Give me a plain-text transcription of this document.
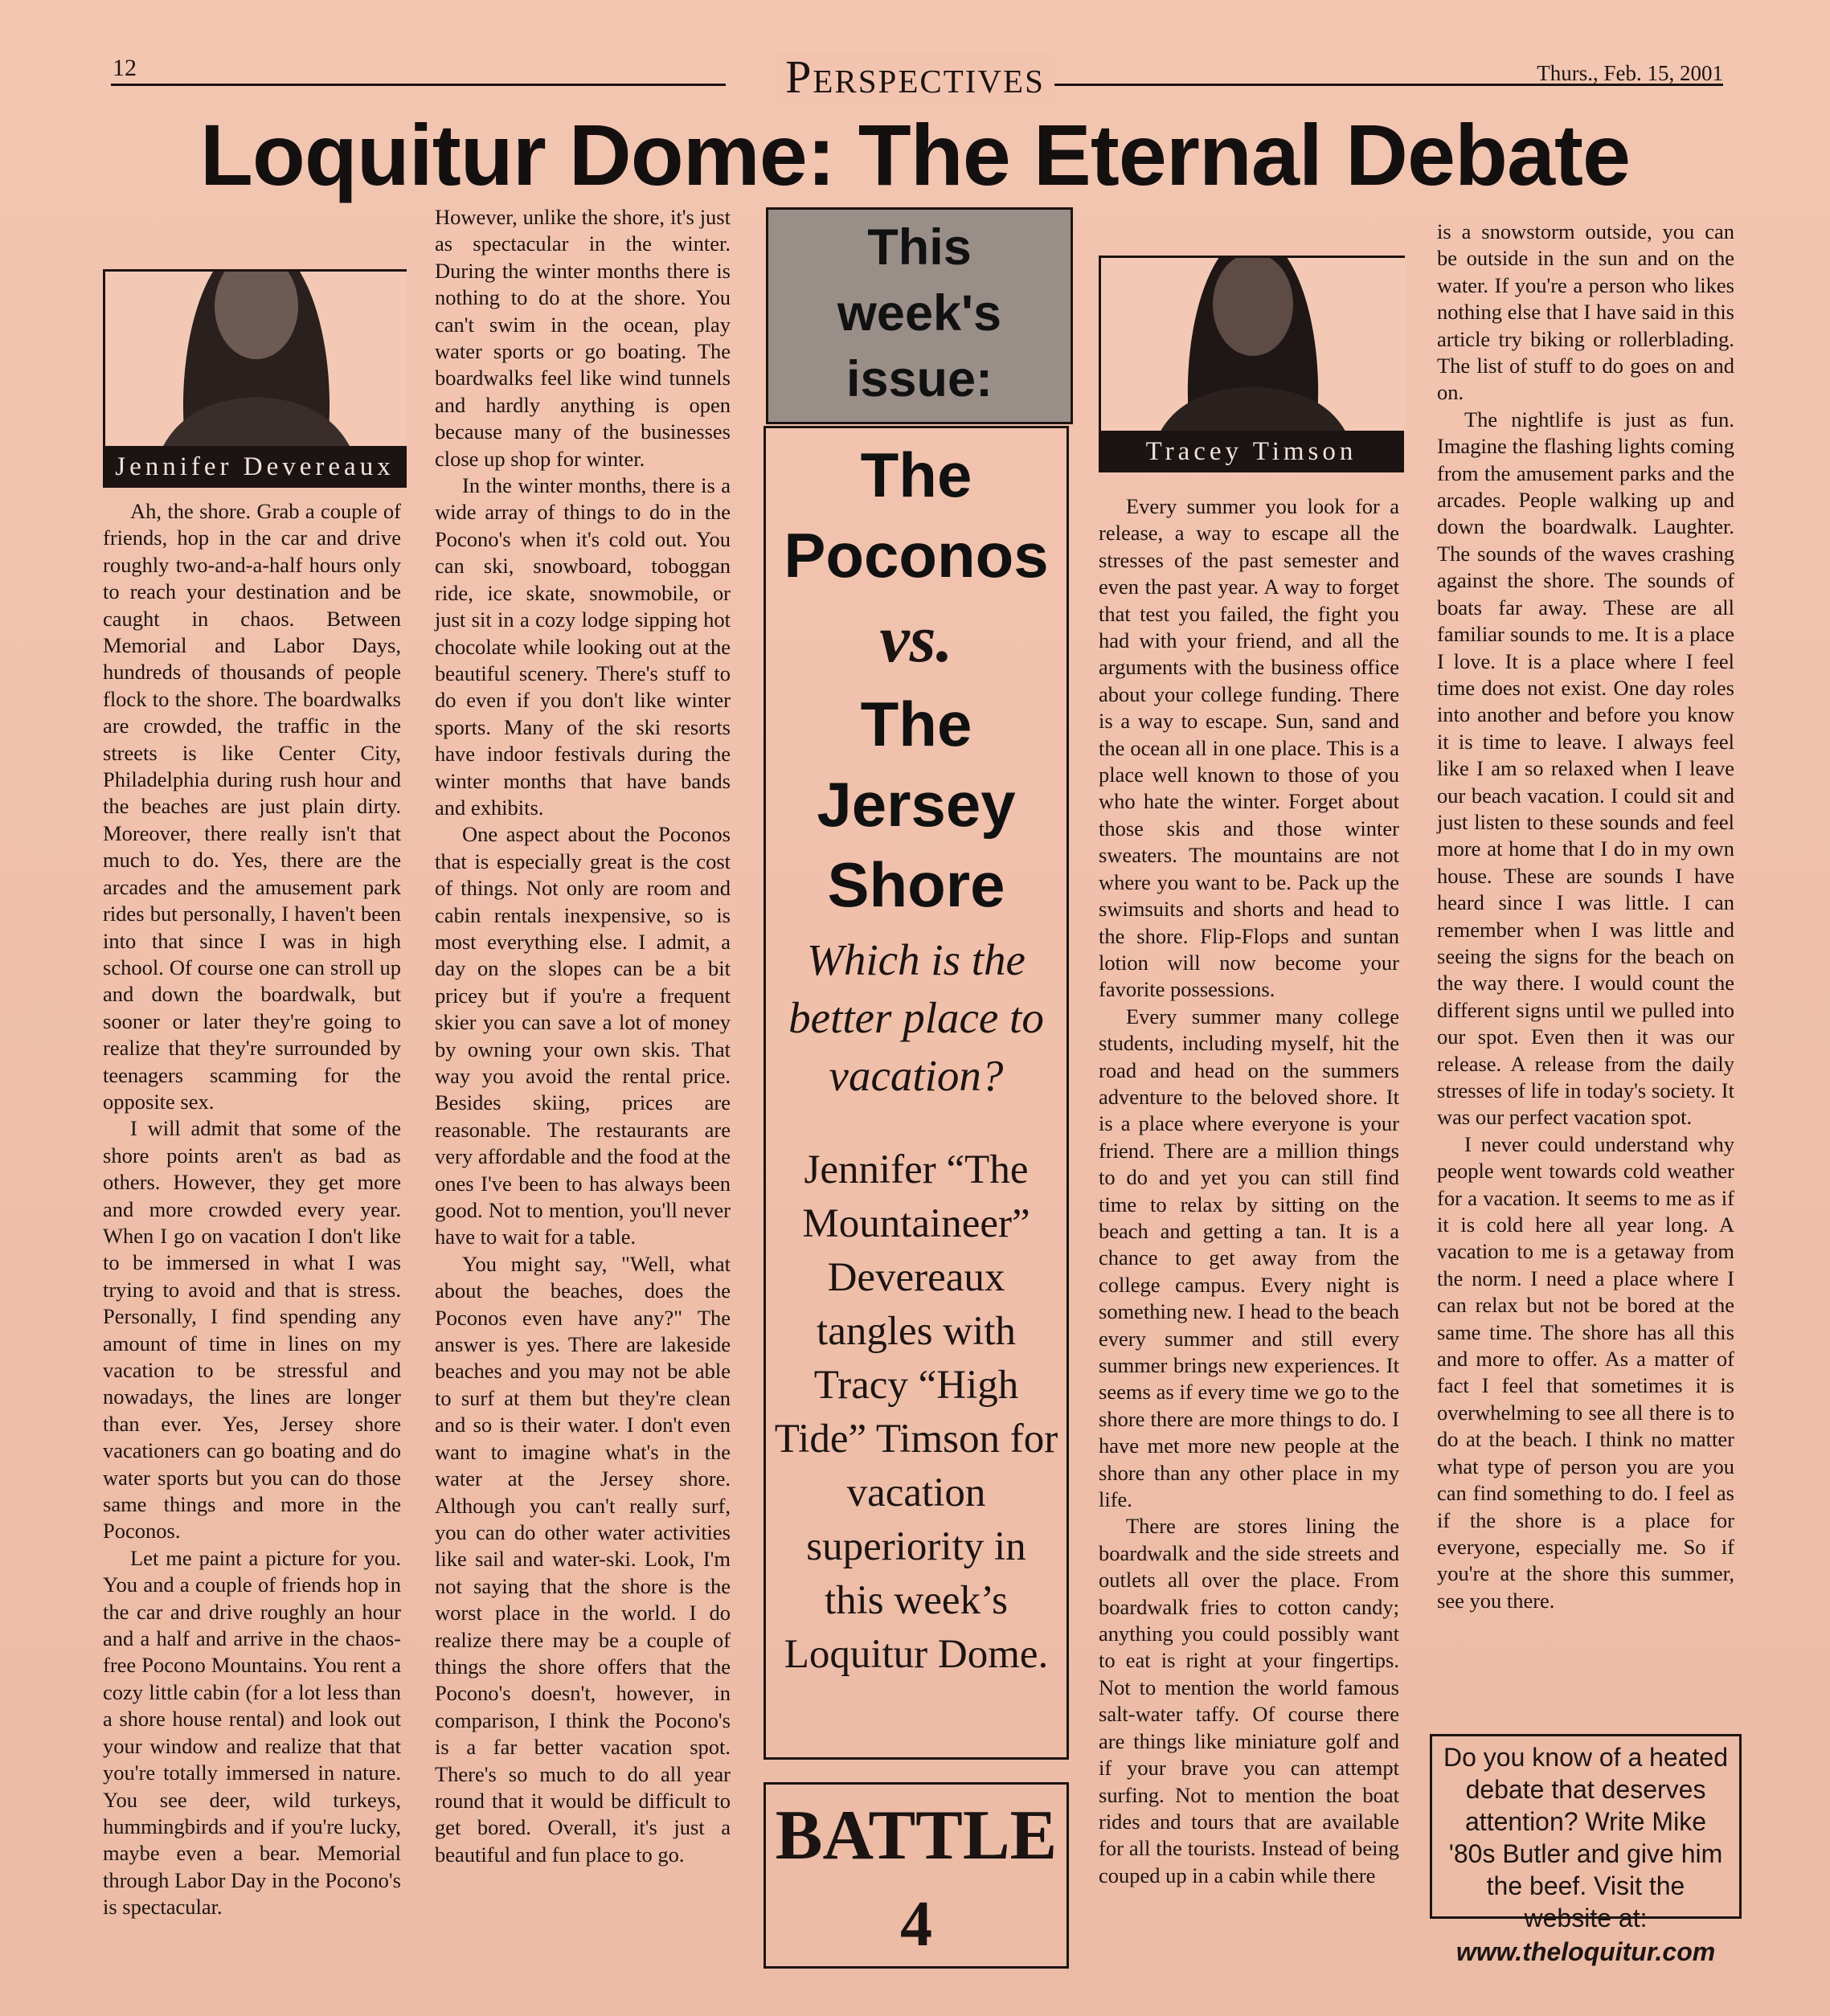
12	Perspectives	Thurs., Feb. 15, 2001
Loquitur Dome: The Eternal Debate
Jennifer Devereaux

Ah, the shore. Grab a couple of friends, hop in the car and drive roughly two-and-a-half hours only to reach your destination and be caught in chaos. Between Memorial and Labor Days, hundreds of thousands of people flock to the shore. The boardwalks are crowded, the traffic in the streets is like Center City, Philadelphia during rush hour and the beaches are just plain dirty. Moreover, there really isn't that much to do. Yes, there are the arcades and the amusement park rides but personally, I haven't been into that since I was in high school. Of course one can stroll up and down the boardwalk, but sooner or later they're going to realize that they're surrounded by teenagers scamming for the opposite sex.

I will admit that some of the shore points aren't as bad as others. However, they get more and more crowded every year. When I go on vacation I don't like to be immersed in what I was trying to avoid and that is stress. Personally, I find spending any amount of time in lines on my vacation to be stressful and nowadays, the lines are longer than ever. Yes, Jersey shore vacationers can go boating and do water sports but you can do those same things and more in the Poconos.

Let me paint a picture for you. You and a couple of friends hop in the car and drive roughly an hour and a half and arrive in the chaos-free Pocono Mountains. You rent a cozy little cabin (for a lot less than a shore house rental) and look out your window and realize that that you're totally immersed in nature. You see deer, wild turkeys, hummingbirds and if you're lucky, maybe even a bear. Memorial through Labor Day in the Pocono's is spectacular.

However, unlike the shore, it's just as spectacular in the winter. During the winter months there is nothing to do at the shore. You can't swim in the ocean, play water sports or go boating. The boardwalks feel like wind tunnels and hardly anything is open because many of the businesses close up shop for winter.

In the winter months, there is a wide array of things to do in the Pocono's when it's cold out. You can ski, snowboard, toboggan ride, ice skate, snowmobile, or just sit in a cozy lodge sipping hot chocolate while looking out at the beautiful scenery. There's stuff to do even if you don't like winter sports. Many of the ski resorts have indoor festivals during the winter months that have bands and exhibits.

One aspect about the Poconos that is especially great is the cost of things. Not only are room and cabin rentals inexpensive, so is most everything else. I admit, a day on the slopes can be a bit pricey but if you're a frequent skier you can save a lot of money by owning your own skis. That way you avoid the rental price. Besides skiing, prices are reasonable. The restaurants are very affordable and the food at the ones I've been to has always been good. Not to mention, you'll never have to wait for a table.

You might say, "Well, what about the beaches, does the Poconos even have any?" The answer is yes. There are lakeside beaches and you may not be able to surf at them but they're clean and so is their water. I don't even want to imagine what's in the water at the Jersey shore. Although you can't really surf, you can do other water activities like sail and water-ski. Look, I'm not saying that the shore is the worst place in the world. I do realize there may be a couple of things the shore offers that the Pocono's doesn't, however, in comparison, I think the Pocono's is a far better vacation spot. There's so much to do all year round that it would be difficult to get bored. Overall, it's just a beautiful and fun place to go.

This week's issue:
The Poconos
vs.
The Jersey Shore
Which is the better place to vacation?
Jennifer “The Mountaineer” Devereaux tangles with Tracy “High Tide” Timson for vacation superiority in this week’s Loquitur Dome.
BATTLE
4
Tracey Timson

Every summer you look for a release, a way to escape all the stresses of the past semester and even the past year. A way to forget that test you failed, the fight you had with your friend, and all the arguments with the business office about your college funding. There is a way to escape. Sun, sand and the ocean all in one place. This is a place well known to those of you who hate the winter. Forget about those skis and those winter sweaters. The mountains are not where you want to be. Pack up the swimsuits and shorts and head to the shore. Flip-Flops and suntan lotion will now become your favorite possessions.

Every summer many college students, including myself, hit the road and head on the summers adventure to the beloved shore. It is a place where everyone is your friend. There are a million things to do and yet you can still find time to relax by sitting on the beach and getting a tan. It is a chance to get away from the college campus. Every night is something new. I head to the beach every summer and still every summer brings new experiences. It seems as if every time we go to the shore there are more things to do. I have met more new people at the shore than any other place in my life.

There are stores lining the boardwalk and the side streets and outlets all over the place. From boardwalk fries to cotton candy; anything you could possibly want to eat is right at your fingertips. Not to mention the world famous salt-water taffy. Of course there are things like miniature golf and if your brave you can attempt surfing. Not to mention the boat rides and tours that are available for all the tourists. Instead of being couped up in a cabin while there

is a snowstorm outside, you can be outside in the sun and on the water. If you're a person who likes nothing else that I have said in this article try biking or rollerblading. The list of stuff to do goes on and on.

The nightlife is just as fun. Imagine the flashing lights coming from the amusement parks and the arcades. People walking up and down the boardwalk. Laughter. The sounds of the waves crashing against the shore. The sounds of boats far away. These are all familiar sounds to me. It is a place I love. It is a place where I feel time does not exist. One day roles into another and before you know it is time to leave. I always feel like I am so relaxed when I leave our beach vacation. I could sit and just listen to these sounds and feel more at home that I do in my own house. These are sounds I have heard since I was little. I can remember when I was little and seeing the signs for the beach on the way there. I would count the different signs until we pulled into our spot. Even then it was our release. A release from the daily stresses of life in today's society. It was our perfect vacation spot.

I never could understand why people went towards cold weather for a vacation. It seems to me as if it is cold here all year long. A vacation to me is a getaway from the norm. I need a place where I can relax but not be bored at the same time. The shore has all this and more to offer. As a matter of fact I feel that sometimes it is overwhelming to see all there is to do at the beach. I think no matter what type of person you are you can find something to do. I feel as if the shore is a place for everyone, especially me. So if you're at the shore this summer, see you there.

Do you know of a heated debate that deserves attention? Write Mike '80s Butler and give him the beef. Visit the website at:
www.theloquitur.com
